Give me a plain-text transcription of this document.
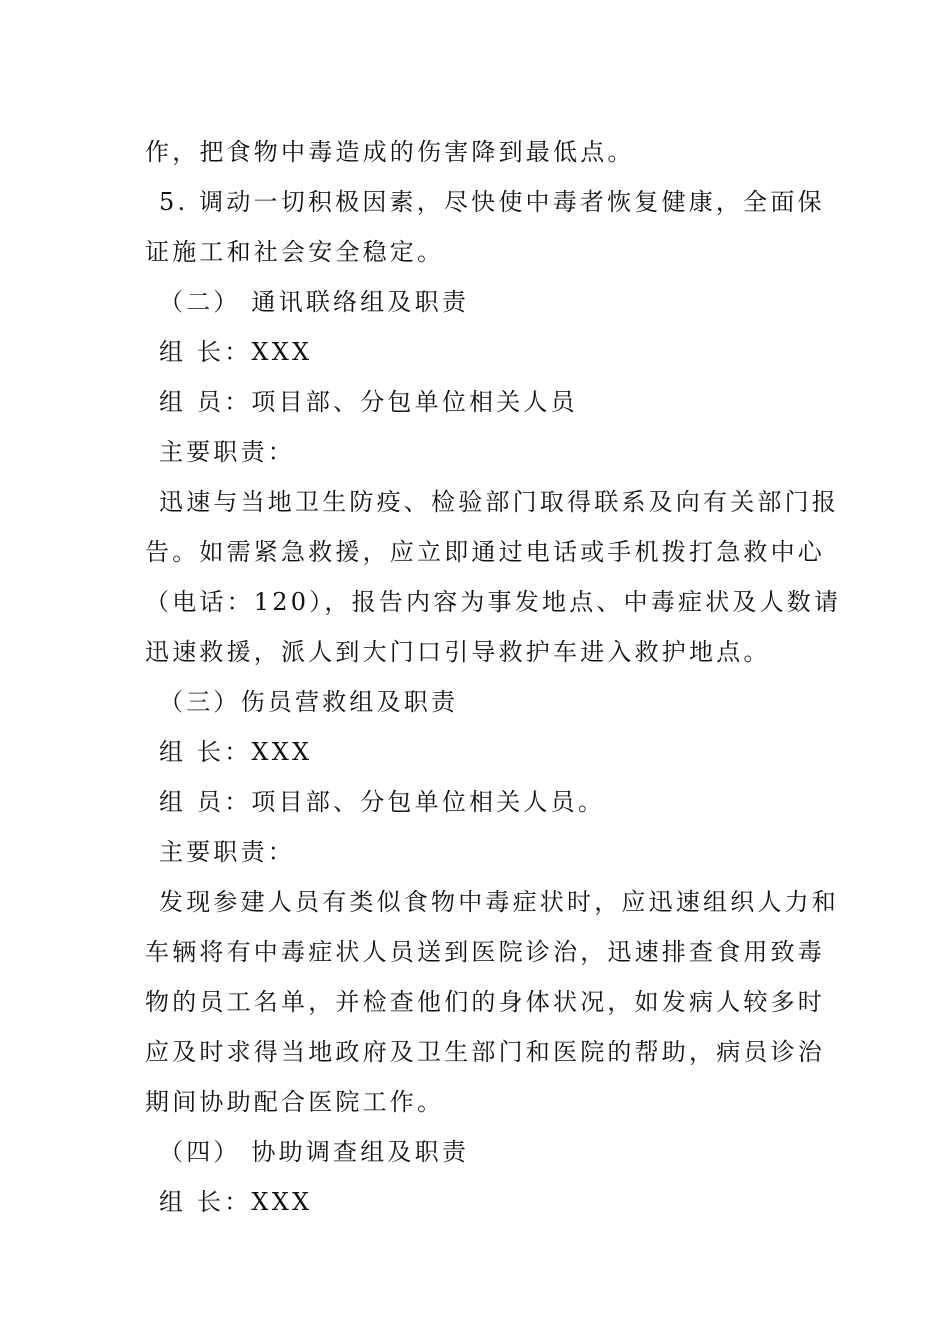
作，把食物中毒造成的伤害降到最低点。
5. 调动一切积极因素，尽快使中毒者恢复健康，全面保
证施工和社会安全稳定。
（二） 通讯联络组及职责
组 长：XXX
组 员：项目部、分包单位相关人员
主要职责：
迅速与当地卫生防疫、检验部门取得联系及向有关部门报
告。如需紧急救援，应立即通过电话或手机拨打急救中心
（电话：120），报告内容为事发地点、中毒症状及人数请
迅速救援，派人到大门口引导救护车进入救护地点。
（三）伤员营救组及职责
组 长：XXX
组 员：项目部、分包单位相关人员。
主要职责：
发现参建人员有类似食物中毒症状时，应迅速组织人力和
车辆将有中毒症状人员送到医院诊治，迅速排查食用致毒
物的员工名单，并检查他们的身体状况，如发病人较多时
应及时求得当地政府及卫生部门和医院的帮助，病员诊治
期间协助配合医院工作。
（四） 协助调查组及职责
组 长：XXX
